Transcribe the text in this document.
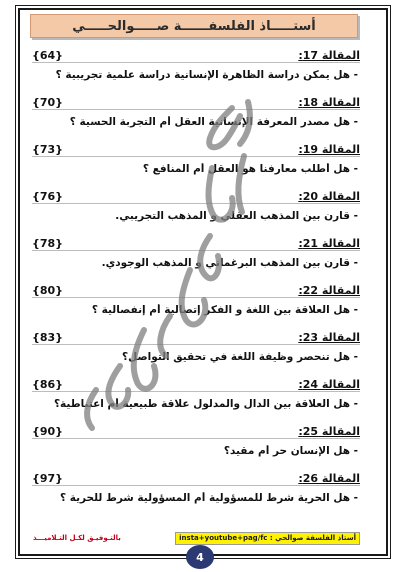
أستـــــاذ الفلسفــــــة صـــــوالحـــــي
المقالة 17:
{64}
- هل يمكن دراسة الظاهرة الإنسانية دراسة علمية تجريبية ؟
المقالة 18:
{70}
- هل مصدر المعرفة الإنسانية العقل أم التجربة الحسية ؟
المقالة 19:
{73}
- هل أطلب معارفنا هو العقل أم المنافع ؟
المقالة 20:
{76}
- قارن بين المذهب العقلي و المذهب التجريبي.
المقالة 21:
{78}
- قارن بين المذهب البرغماتي و المذهب الوجودي.
المقالة 22:
{80}
- هل العلاقة بين اللغة و الفكر إتصالية أم إنفصالية ؟
المقالة 23:
{83}
- هل تنحصر وظيفة اللغة في تحقيق التواصل؟
المقالة 24:
{86}
- هل العلاقة بين الدال والمدلول علاقة طبيعية أم اعتباطية؟
المقالة 25:
{90}
- هل الإنسان حر أم مقيد؟
المقالة 26:
{97}
- هل الحرية شرط للمسؤولية أم المسؤولية شرط للحرية ؟
أستاذ الفلسفة صوالحي : insta+youtube+pag/fc
بالتـوفيـق لكـل التـلاميـــذ
4
